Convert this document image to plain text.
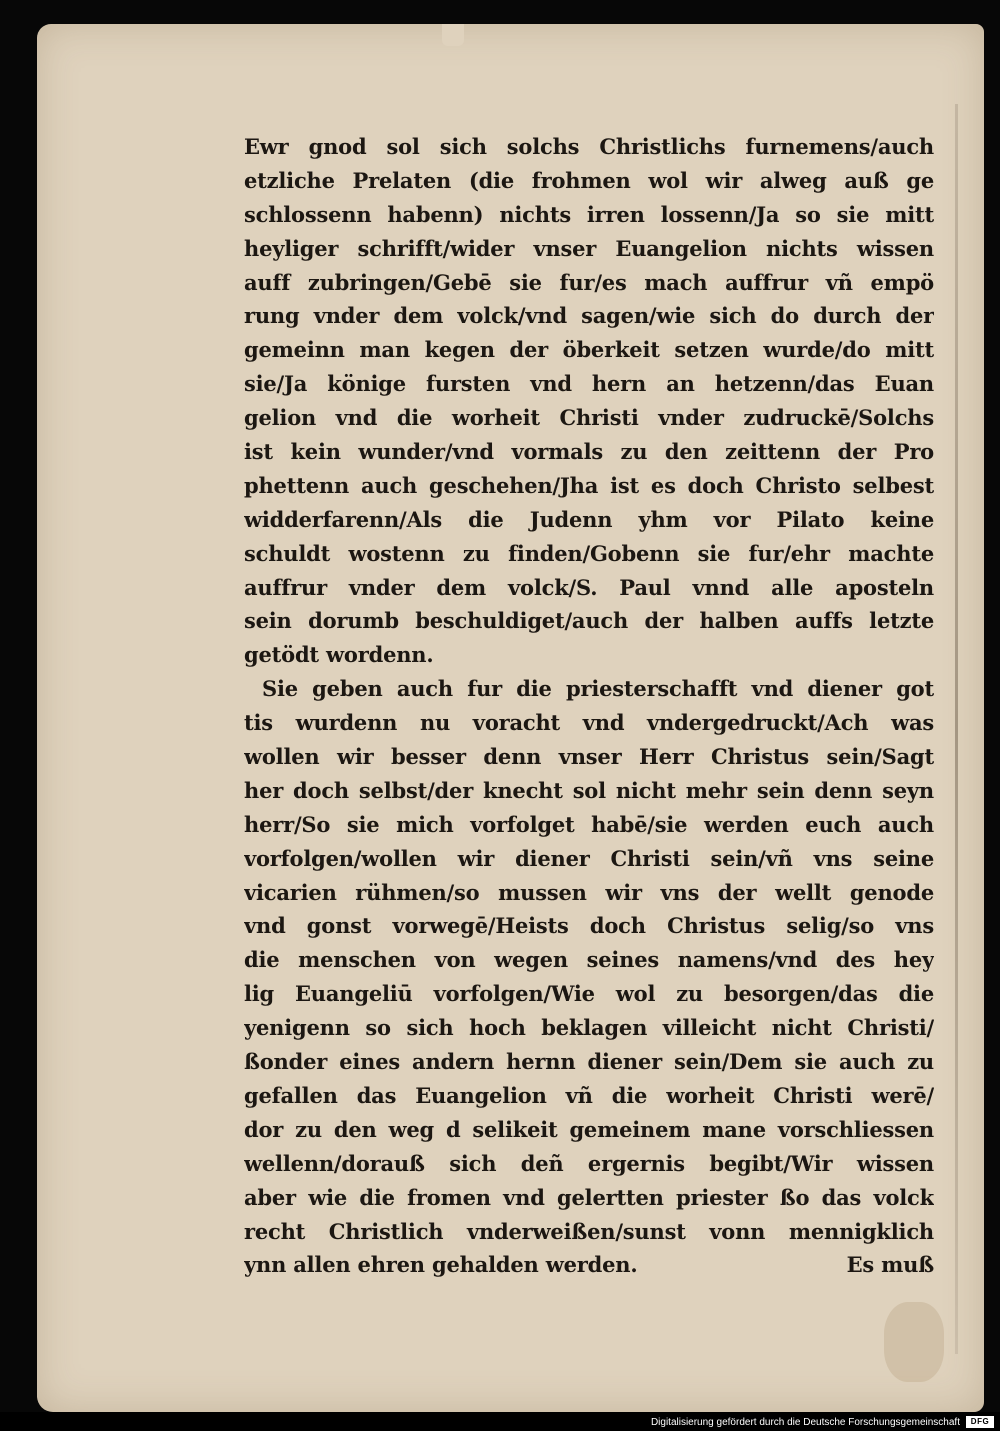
Ewr gnod sol sich solchs Christlichs furnemens/auch
etzliche Prelaten (die frohmen wol wir alweg auß ge
schlossenn habenn) nichts irren lossenn/Ja so sie mitt
heyliger schrifft/wider vnser Euangelion nichts wissen
auff zubringen/Gebē sie fur/es mach auffrur vñ empö
rung vnder dem volck/vnd sagen/wie sich do durch der
gemeinn man kegen der öberkeit setzen wurde/do mitt
sie/Ja könige fursten vnd hern an hetzenn/das Euan
gelion vnd die worheit Christi vnder zudruckē/Solchs
ist kein wunder/vnd vormals zu den zeittenn der Pro
phettenn auch geschehen/Jha ist es doch Christo selbest
widderfarenn/Als die Judenn yhm vor Pilato keine
schuldt wostenn zu finden/Gobenn sie fur/ehr machte
auffrur vnder dem volck/S. Paul vnnd alle aposteln
sein dorumb beschuldiget/auch der halben auffs letzte
getödt wordenn.
Sie geben auch fur die priesterschafft vnd diener got
tis wurdenn nu voracht vnd vndergedruckt/Ach was
wollen wir besser denn vnser Herr Christus sein/Sagt
her doch selbst/der knecht sol nicht mehr sein denn seyn
herr/So sie mich vorfolget habē/sie werden euch auch
vorfolgen/wollen wir diener Christi sein/vñ vns seine
vicarien rühmen/so mussen wir vns der wellt genode
vnd gonst vorwegē/Heists doch Christus selig/so vns
die menschen von wegen seines namens/vnd des hey
lig Euangeliū vorfolgen/Wie wol zu besorgen/das die
yenigenn so sich hoch beklagen villeicht nicht Christi/
ßonder eines andern hernn diener sein/Dem sie auch zu
gefallen das Euangelion vñ die worheit Christi werē/
dor zu den weg d selikeit gemeinem mane vorschliessen
wellenn/dorauß sich deñ ergernis begibt/Wir wissen
aber wie die fromen vnd gelertten priester ßo das volck
recht Christlich vnderweißen/sunst vonn mennigklich
ynn allen ehren gehalden werden.	Es muß
Digitalisierung gefördert durch die Deutsche Forschungsgemeinschaft	DFG
